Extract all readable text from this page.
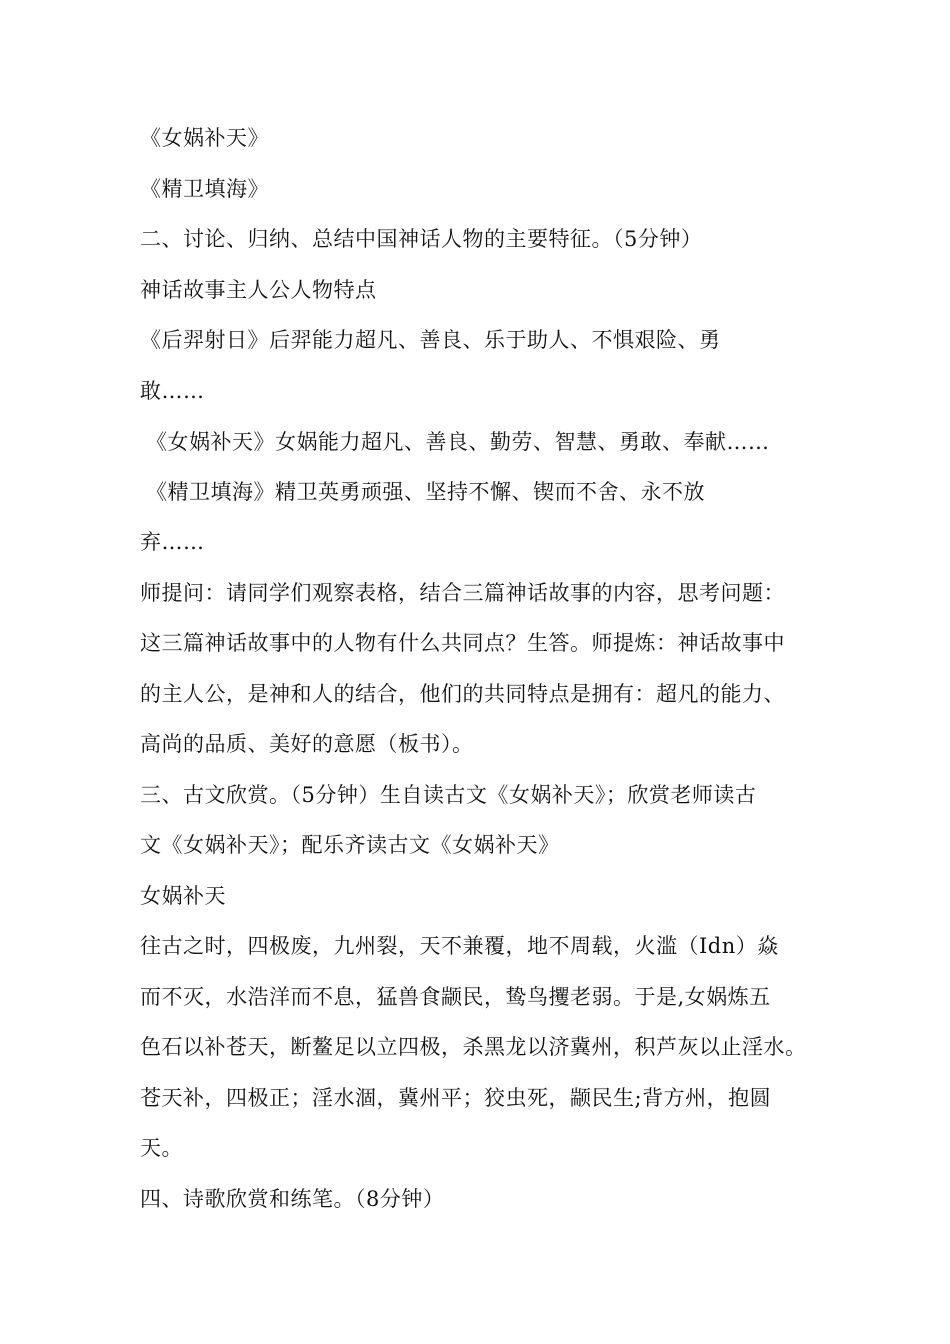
《女娲补天》
《精卫填海》
二、讨论、归纳、总结中国神话人物的主要特征。（5分钟）
神话故事主人公人物特点
《后羿射日》后羿能力超凡、善良、乐于助人、不惧艰险、勇
敢……
《女娲补天》女娲能力超凡、善良、勤劳、智慧、勇敢、奉献……
《精卫填海》精卫英勇顽强、坚持不懈、锲而不舍、永不放
弃……
师提问：请同学们观察表格，结合三篇神话故事的内容，思考问题：
这三篇神话故事中的人物有什么共同点？生答。师提炼：神话故事中
的主人公，是神和人的结合，他们的共同特点是拥有：超凡的能力、
高尚的品质、美好的意愿（板书）。
三、古文欣赏。（5分钟）生自读古文《女娲补天》；欣赏老师读古
文《女娲补天》；配乐齐读古文《女娲补天》
女娲补天
往古之时，四极废，九州裂，天不兼覆，地不周载，火滥（Idn）焱
而不灭，水浩洋而不息，猛兽食颛民，鸷鸟攫老弱。于是,女娲炼五
色石以补苍天，断鳌足以立四极，杀黑龙以济冀州，积芦灰以止淫水。
苍天补，四极正；淫水涸，冀州平；狡虫死，颛民生;背方州，抱圆
天。
四、诗歌欣赏和练笔。（8分钟）
